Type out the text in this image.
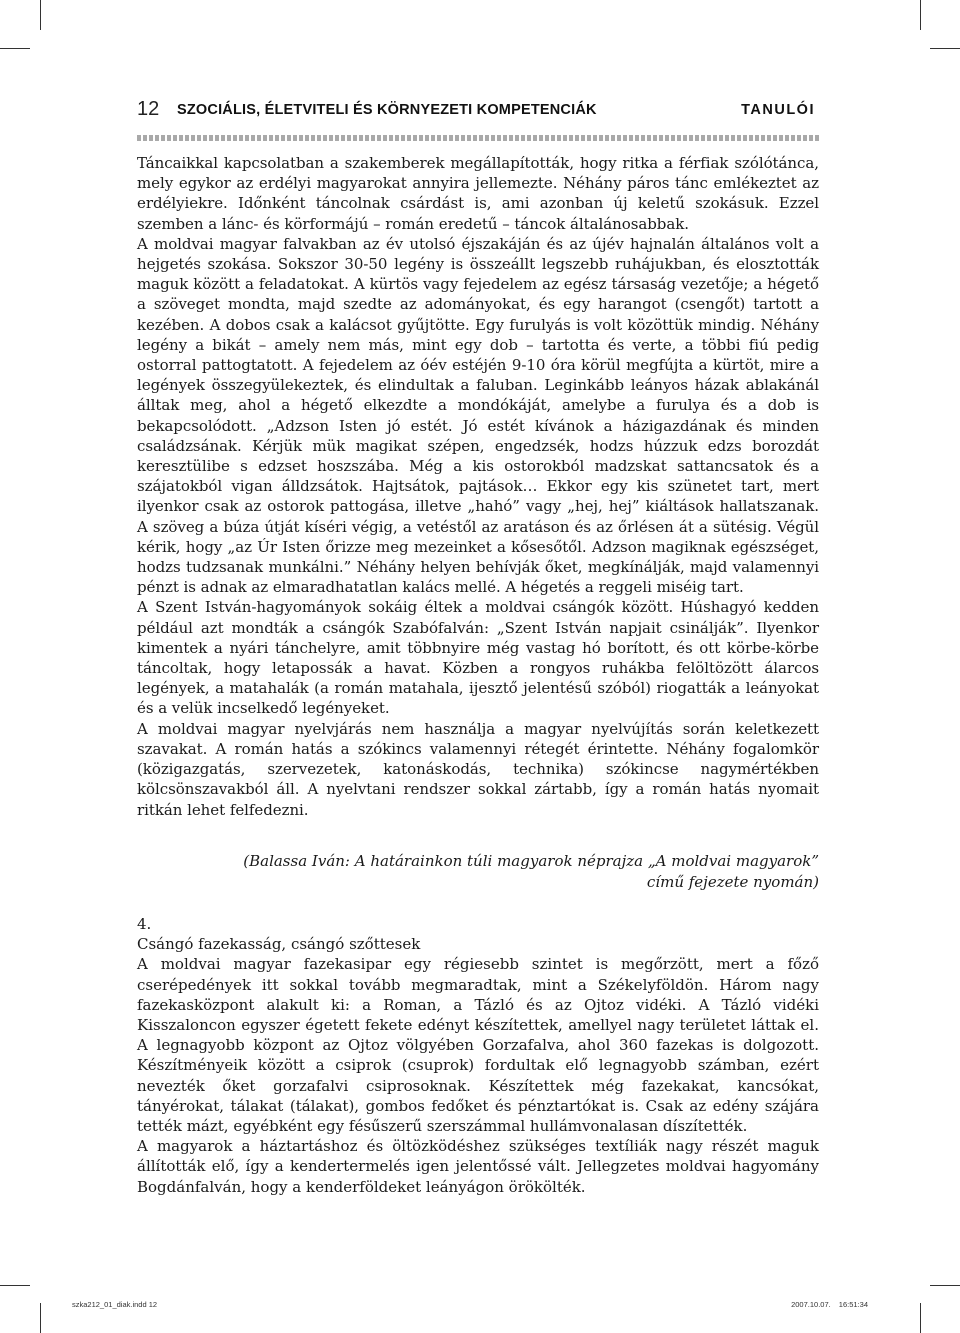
12 SZOCIÁLIS, ÉLETVITELI ÉS KÖRNYEZETI KOMPETENCIÁK	TANULÓI

Táncaikkal kapcsolatban a szakemberek megállapították, hogy ritka a férfiak szólótánca, mely egykor az erdélyi magyarokat annyira jellemezte. Néhány páros tánc emlékeztet az erdélyiekre. Időnként táncolnak csárdást is, ami azonban új keletű szokásuk. Ezzel szemben a lánc- és körformájú – román eredetű – táncok általánosabbak.

A moldvai magyar falvakban az év utolsó éjszakáján és az újév hajnalán általános volt a hejgetés szokása. Sokszor 30-50 legény is összeállt legszebb ruhájukban, és elosztották maguk között a feladatokat. A kürtös vagy fejedelem az egész társaság vezetője; a hégető a szöveget mondta, majd szedte az adományokat, és egy harangot (csengőt) tartott a kezében. A dobos csak a kalácsot gyűjtötte. Egy furulyás is volt közöttük mindig. Néhány legény a bikát – amely nem más, mint egy dob – tartotta és verte, a többi fiú pedig ostorral pattogtatott. A fejedelem az óév estéjén 9-10 óra körül megfújta a kürtöt, mire a legények összegyülekeztek, és elindultak a faluban. Leginkább leányos házak ablakánál álltak meg, ahol a hégető elkezdte a mondókáját, amelybe a furulya és a dob is bekapcsolódott. „Adzson Isten jó estét. Jó estét kívánok a házigazdának és minden családzsának. Kérjük mük magikat szépen, engedzsék, hodzs húzzuk edzs borozdát keresztülibe s edzset hoszszába. Még a kis ostorokból madzskat sattancsatok és a szájatokból vigan álldzsátok. Hajtsátok, pajtások… Ekkor egy kis szünetet tart, mert ilyenkor csak az ostorok pattogása, illetve „hahó” vagy „hej, hej” kiáltások hallatszanak. A szöveg a búza útját kíséri végig, a vetéstől az aratáson és az őrlésen át a sütésig. Végül kérik, hogy „az Úr Isten őrizze meg mezeinket a kősesőtől. Adzson magiknak egészséget, hodzs tudzsanak munkálni.” Néhány helyen behívják őket, megkínálják, majd valamennyi pénzt is adnak az elmaradhatatlan kalács mellé. A hégetés a reggeli miséig tart.

A Szent István-hagyományok sokáig éltek a moldvai csángók között. Húshagyó kedden például azt mondták a csángók Szabófalván: „Szent István napjait csinálják”. Ilyenkor kimentek a nyári tánchelyre, amit többnyire még vastag hó borított, és ott körbe-körbe táncoltak, hogy letapossák a havat. Közben a rongyos ruhákba felöltözött álarcos legények, a matahalák (a román matahala, ijesztő jelentésű szóból) riogatták a leányokat és a velük incselkedő legényeket.

A moldvai magyar nyelvjárás nem használja a magyar nyelvújítás során keletkezett szavakat. A román hatás a szókincs valamennyi rétegét érintette. Néhány fogalomkör (közigazgatás, szervezetek, katonáskodás, technika) szókincse nagymértékben kölcsönszavakból áll. A nyelvtani rendszer sokkal zártabb, így a román hatás nyomait ritkán lehet felfedezni.

(Balassa Iván: A határainkon túli magyarok néprajza „A moldvai magyarok”
című fejezete nyomán)

4.

Csángó fazekasság, csángó szőttesek

A moldvai magyar fazekasipar egy régiesebb szintet is megőrzött, mert a főző cserépedények itt sokkal tovább megmaradtak, mint a Székelyföldön. Három nagy fazekasközpont alakult ki: a Roman, a Tázló és az Ojtoz vidéki. A Tázló vidéki Kisszaloncon egyszer égetett fekete edényt készítettek, amellyel nagy területet láttak el. A legnagyobb központ az Ojtoz völgyében Gorzafalva, ahol 360 fazekas is dolgozott. Készítményeik között a csiprok (csuprok) fordultak elő legnagyobb számban, ezért nevezték őket gorzafalvi csiprosoknak. Készítettek még fazekakat, kancsókat, tányérokat, tálakat (tálakat), gombos fedőket és pénztartókat is. Csak az edény szájára tették mázt, egyébként egy fésűszerű szerszámmal hullámvonalasan díszítették.

A magyarok a háztartáshoz és öltözködéshez szükséges textíliák nagy részét maguk állították elő, így a kendertermelés igen jelentőssé vált. Jellegzetes moldvai hagyomány Bogdánfalván, hogy a kenderföldeket leányágon örökölték.

szka212_01_diak.indd 12	2007.10.07. 16:51:34
